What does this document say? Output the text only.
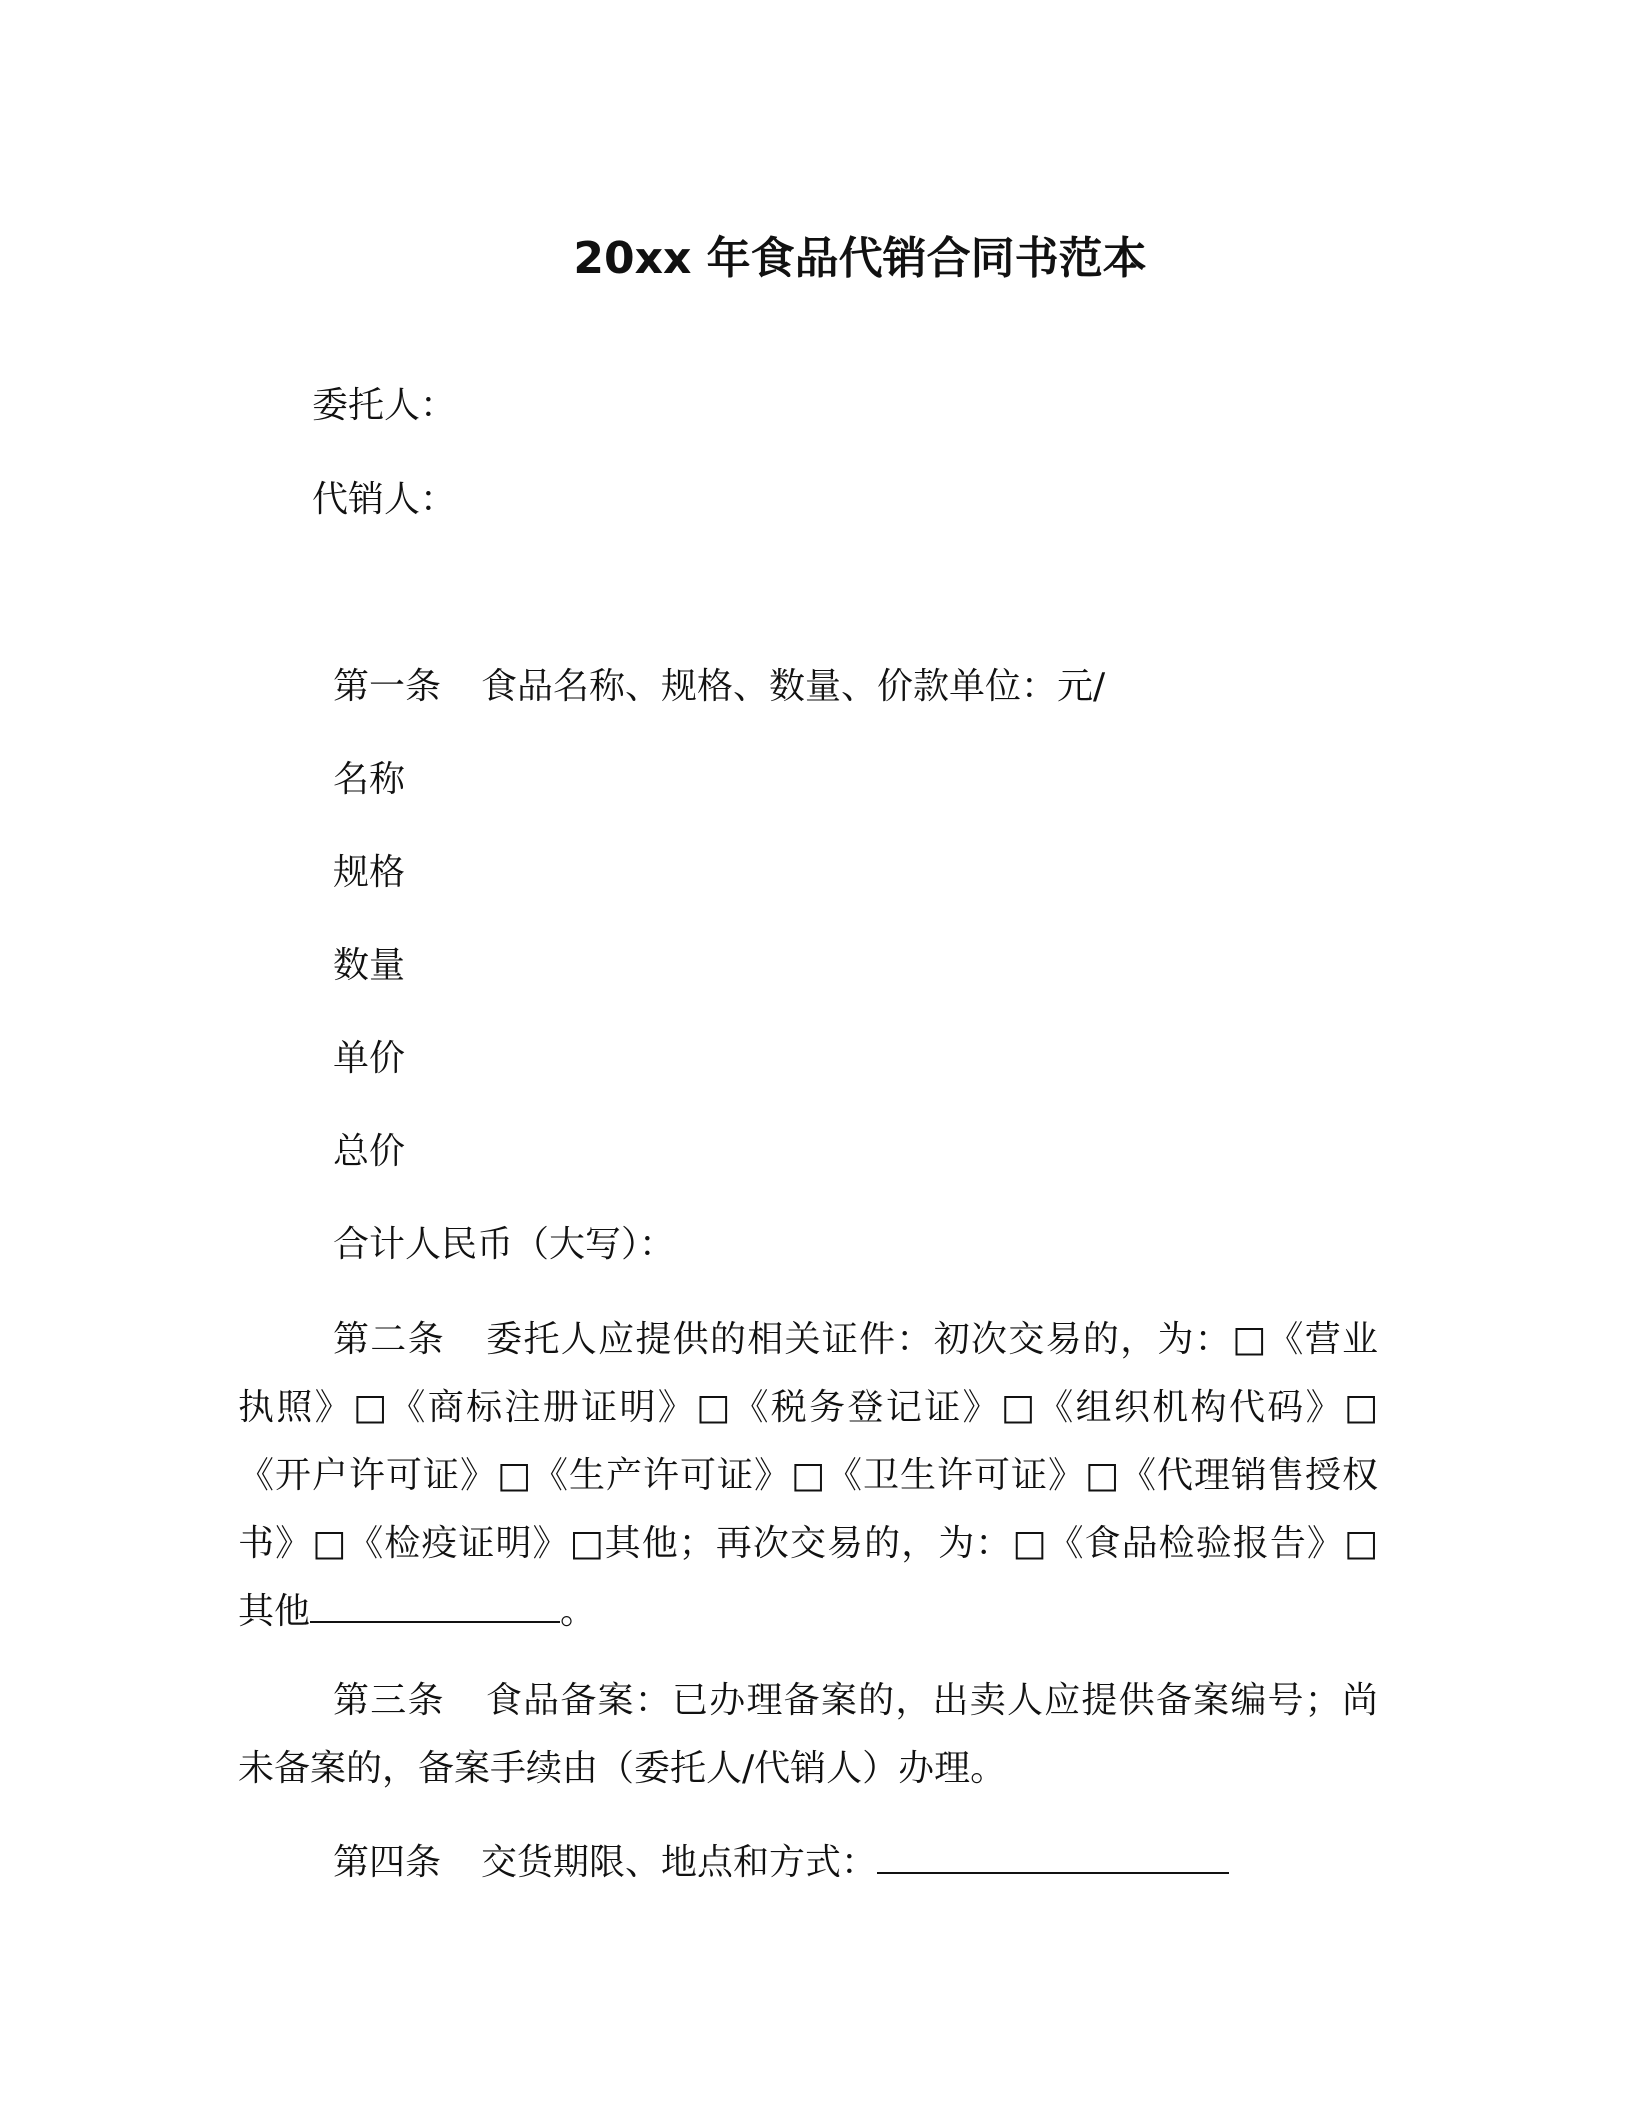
20xx 年食品代销合同书范本
委托人：
代销人：
第一条 食品名称、规格、数量、价款单位：元/
名称
规格
数量
单价
总价
合计人民币（大写）：
第二条 委托人应提供的相关证件：初次交易的，为：□《营业执照》□《商标注册证明》□《税务登记证》□《组织机构代码》□《开户许可证》□《生产许可证》□《卫生许可证》□《代理销售授权书》□《检疫证明》□其他；再次交易的，为：□《食品检验报告》□其他	。
第三条 食品备案：已办理备案的，出卖人应提供备案编号；尚未备案的，备案手续由（委托人/代销人）办理。
第四条 交货期限、地点和方式：
